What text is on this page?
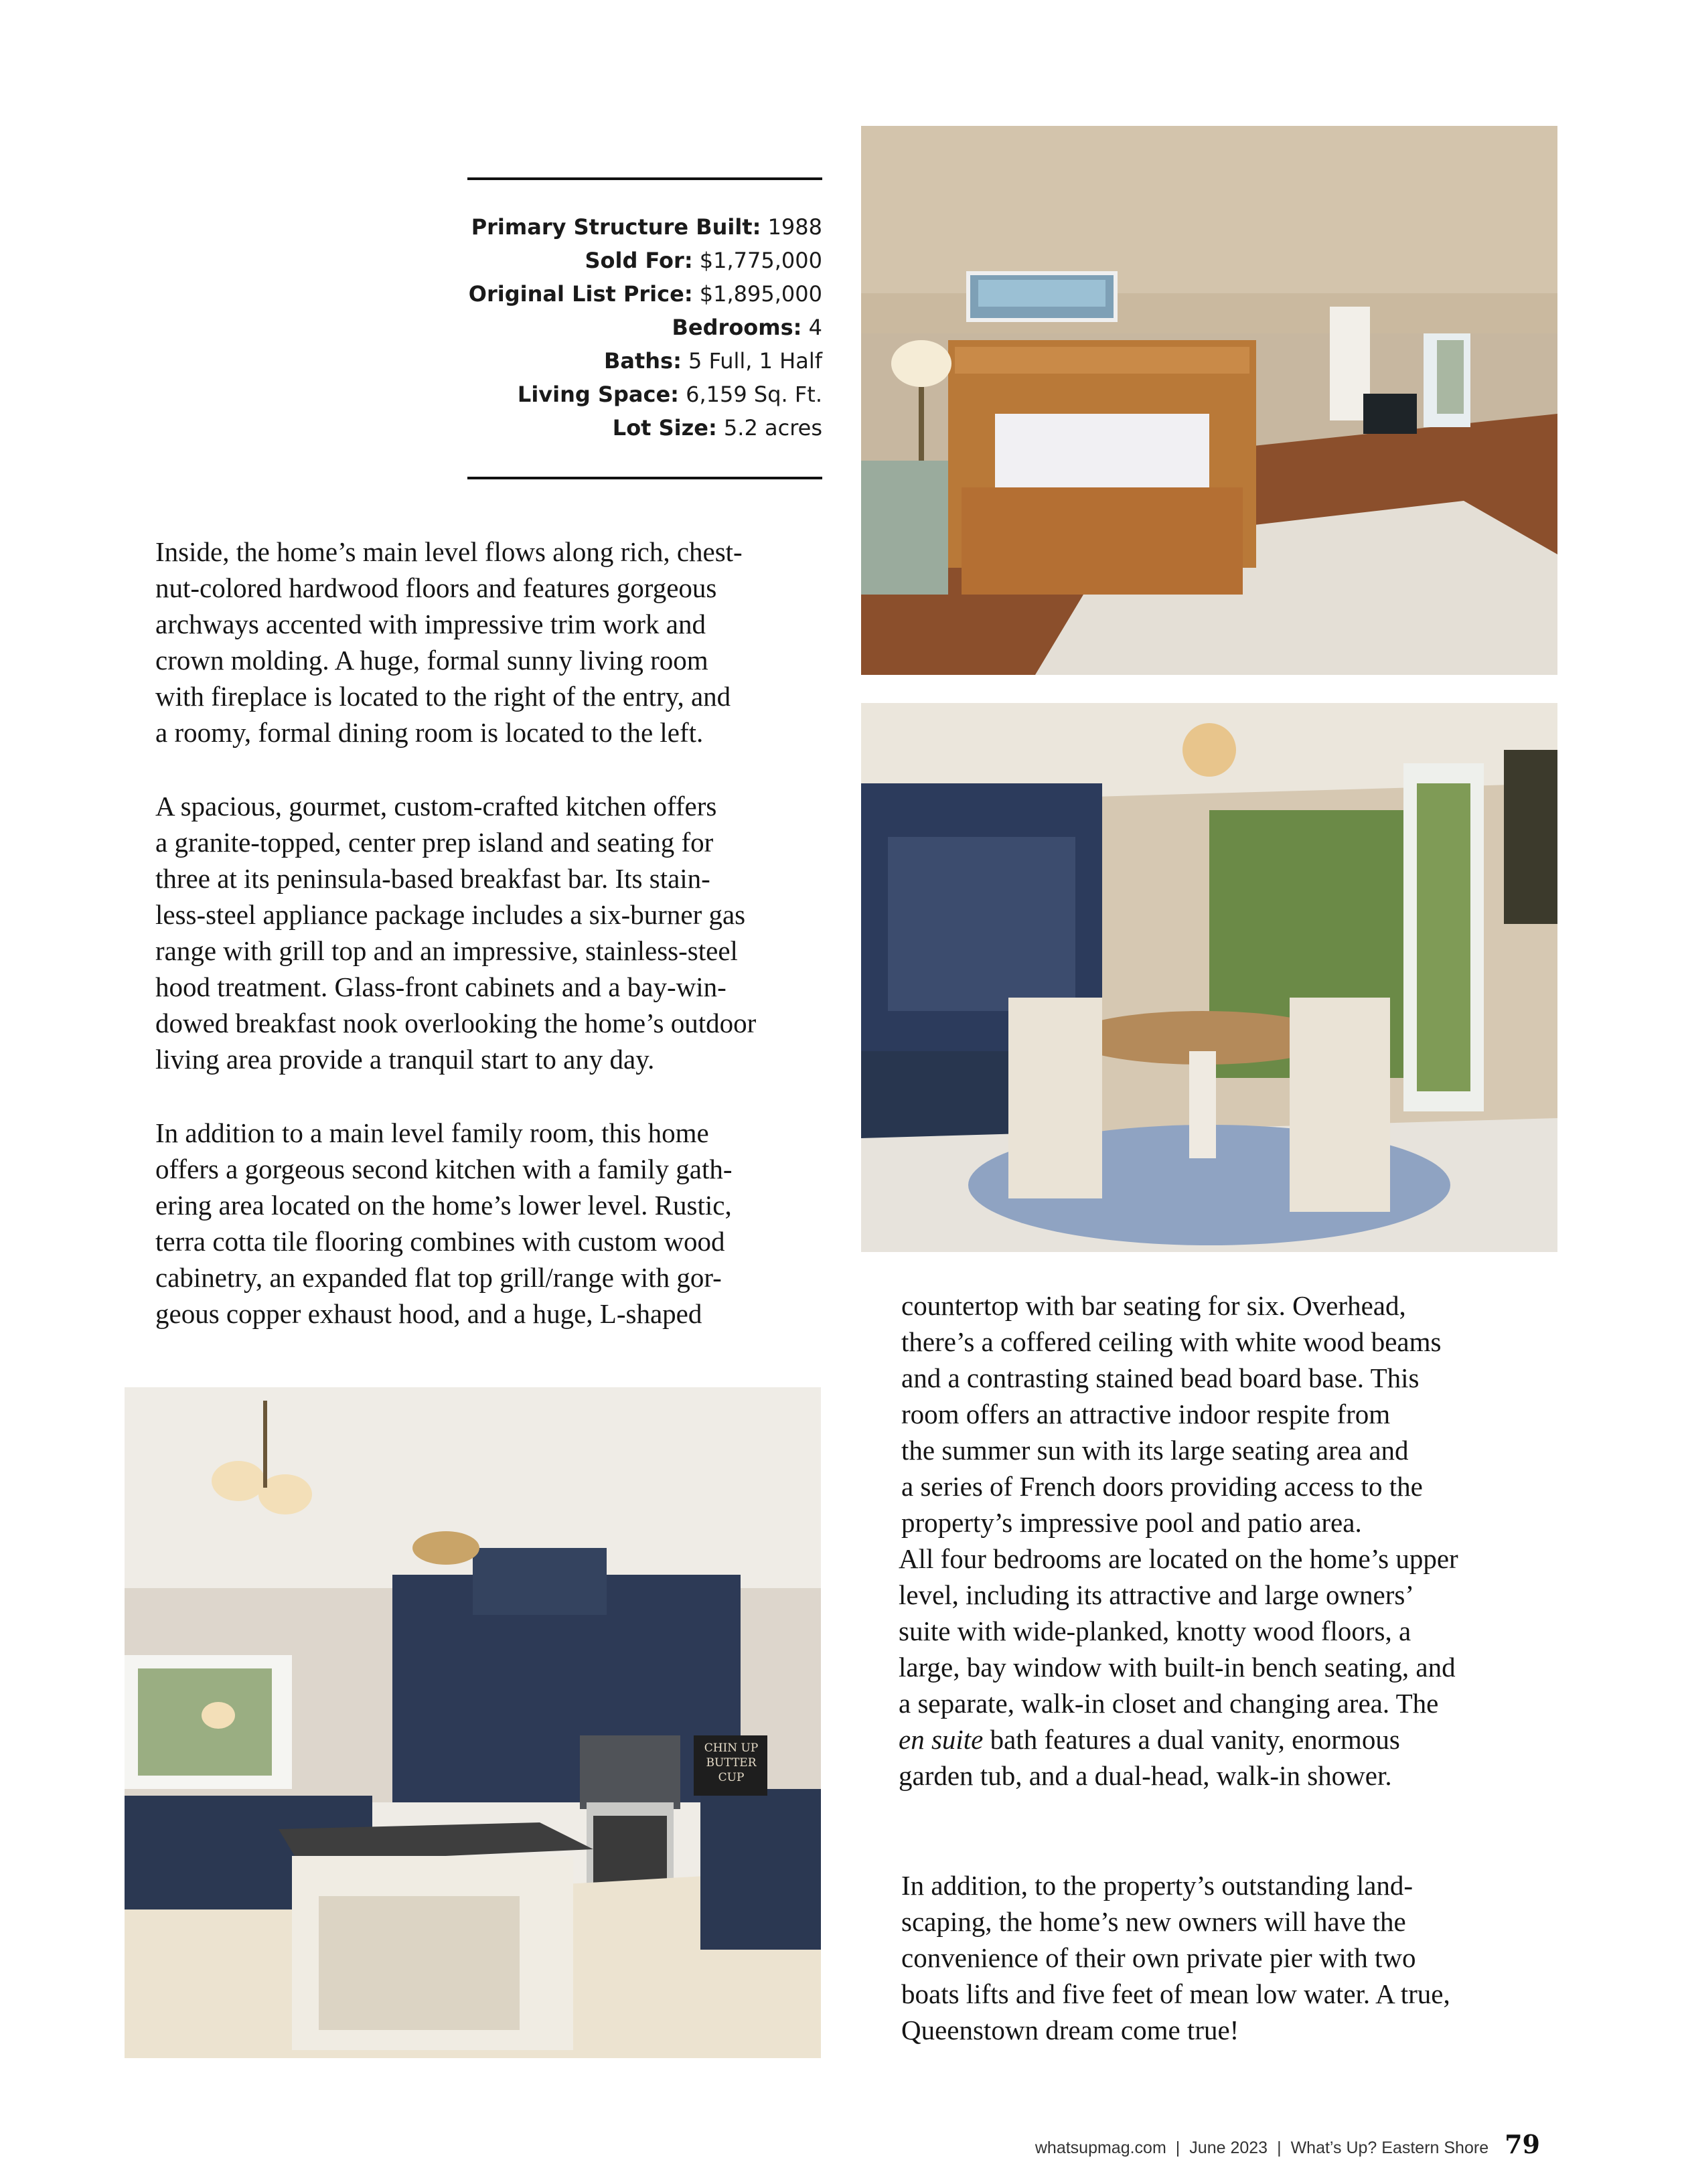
Primary Structure Built: 1988
Sold For: $1,775,000
Original List Price: $1,895,000
Bedrooms: 4
Baths: 5 Full, 1 Half
Living Space: 6,159 Sq. Ft.
Lot Size: 5.2 acres
Inside, the home’s main level flows along rich, chest-
nut-colored hardwood floors and features gorgeous
archways accented with impressive trim work and
crown molding. A huge, formal sunny living room
with fireplace is located to the right of the entry, and
a roomy, formal dining room is located to the left.
A spacious, gourmet, custom-crafted kitchen offers
a granite-topped, center prep island and seating for
three at its peninsula-based breakfast bar. Its stain-
less-steel appliance package includes a six-burner gas
range with grill top and an impressive, stainless-steel
hood treatment. Glass-front cabinets and a bay-win-
dowed breakfast nook overlooking the home’s outdoor
living area provide a tranquil start to any day.
In addition to a main level family room, this home
offers a gorgeous second kitchen with a family gath-
ering area located on the home’s lower level. Rustic,
terra cotta tile flooring combines with custom wood
cabinetry, an expanded flat top grill/range with gor-
geous copper exhaust hood, and a huge, L-shaped	countertop with bar seating for six. Overhead,
there’s a coffered ceiling with white wood beams
and a contrasting stained bead board base. This
room offers an attractive indoor respite from
the summer sun with its large seating area and
a series of French doors providing access to the
property’s impressive pool and patio area.
All four bedrooms are located on the home’s upper
level, including its attractive and large owners’
suite with wide-planked, knotty wood floors, a
large, bay window with built-in bench seating, and
a separate, walk-in closet and changing area. The
en suite bath features a dual vanity, enormous
garden tub, and a dual-head, walk-in shower.
In addition, to the property’s outstanding land-
scaping, the home’s new owners will have the
convenience of their own private pier with two
boats lifts and five feet of mean low water. A true,
Queenstown dream come true!
CHIN UP
BUTTER
CUP
whatsupmag.com | June 2023 | What’s Up? Eastern Shore 79
